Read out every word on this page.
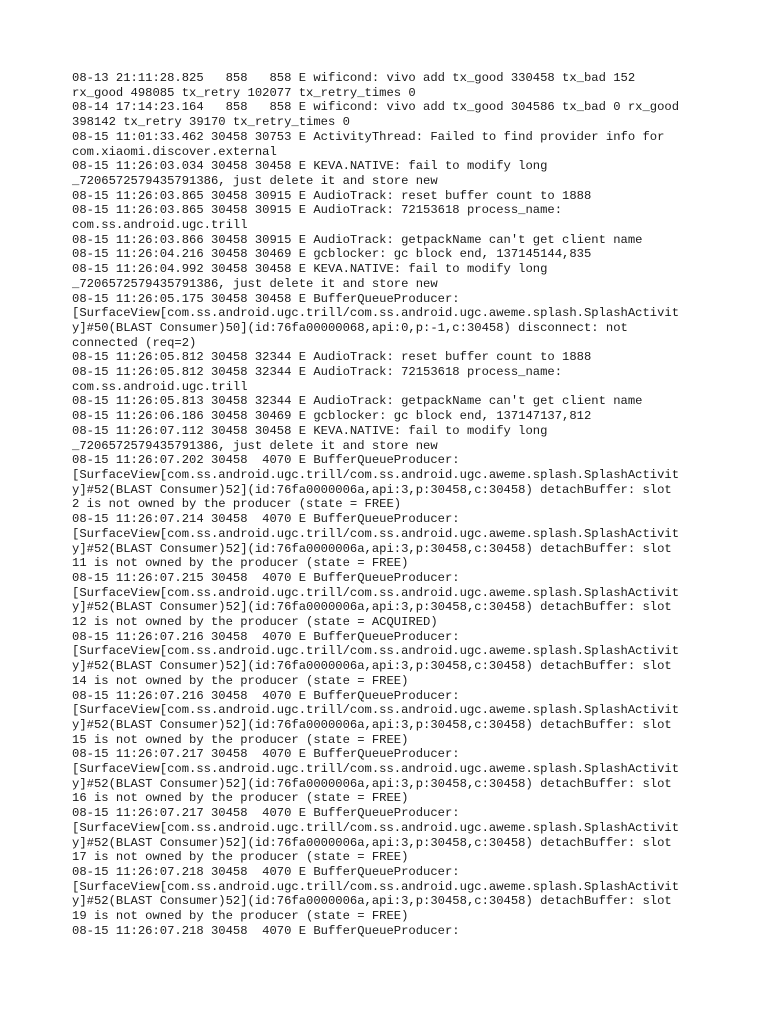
08-13 21:11:28.825   858   858 E wificond: vivo add tx_good 330458 tx_bad 152
rx_good 498085 tx_retry 102077 tx_retry_times 0
08-14 17:14:23.164   858   858 E wificond: vivo add tx_good 304586 tx_bad 0 rx_good
398142 tx_retry 39170 tx_retry_times 0
08-15 11:01:33.462 30458 30753 E ActivityThread: Failed to find provider info for
com.xiaomi.discover.external
08-15 11:26:03.034 30458 30458 E KEVA.NATIVE: fail to modify long
_7206572579435791386, just delete it and store new
08-15 11:26:03.865 30458 30915 E AudioTrack: reset buffer count to 1888
08-15 11:26:03.865 30458 30915 E AudioTrack: 72153618 process_name:
com.ss.android.ugc.trill
08-15 11:26:03.866 30458 30915 E AudioTrack: getpackName can't get client name
08-15 11:26:04.216 30458 30469 E gcblocker: gc block end, 137145144,835
08-15 11:26:04.992 30458 30458 E KEVA.NATIVE: fail to modify long
_7206572579435791386, just delete it and store new
08-15 11:26:05.175 30458 30458 E BufferQueueProducer:
[SurfaceView[com.ss.android.ugc.trill/com.ss.android.ugc.aweme.splash.SplashActivit
y]#50(BLAST Consumer)50](id:76fa00000068,api:0,p:-1,c:30458) disconnect: not
connected (req=2)
08-15 11:26:05.812 30458 32344 E AudioTrack: reset buffer count to 1888
08-15 11:26:05.812 30458 32344 E AudioTrack: 72153618 process_name:
com.ss.android.ugc.trill
08-15 11:26:05.813 30458 32344 E AudioTrack: getpackName can't get client name
08-15 11:26:06.186 30458 30469 E gcblocker: gc block end, 137147137,812
08-15 11:26:07.112 30458 30458 E KEVA.NATIVE: fail to modify long
_7206572579435791386, just delete it and store new
08-15 11:26:07.202 30458  4070 E BufferQueueProducer:
[SurfaceView[com.ss.android.ugc.trill/com.ss.android.ugc.aweme.splash.SplashActivit
y]#52(BLAST Consumer)52](id:76fa0000006a,api:3,p:30458,c:30458) detachBuffer: slot
2 is not owned by the producer (state = FREE)
08-15 11:26:07.214 30458  4070 E BufferQueueProducer:
[SurfaceView[com.ss.android.ugc.trill/com.ss.android.ugc.aweme.splash.SplashActivit
y]#52(BLAST Consumer)52](id:76fa0000006a,api:3,p:30458,c:30458) detachBuffer: slot
11 is not owned by the producer (state = FREE)
08-15 11:26:07.215 30458  4070 E BufferQueueProducer:
[SurfaceView[com.ss.android.ugc.trill/com.ss.android.ugc.aweme.splash.SplashActivit
y]#52(BLAST Consumer)52](id:76fa0000006a,api:3,p:30458,c:30458) detachBuffer: slot
12 is not owned by the producer (state = ACQUIRED)
08-15 11:26:07.216 30458  4070 E BufferQueueProducer:
[SurfaceView[com.ss.android.ugc.trill/com.ss.android.ugc.aweme.splash.SplashActivit
y]#52(BLAST Consumer)52](id:76fa0000006a,api:3,p:30458,c:30458) detachBuffer: slot
14 is not owned by the producer (state = FREE)
08-15 11:26:07.216 30458  4070 E BufferQueueProducer:
[SurfaceView[com.ss.android.ugc.trill/com.ss.android.ugc.aweme.splash.SplashActivit
y]#52(BLAST Consumer)52](id:76fa0000006a,api:3,p:30458,c:30458) detachBuffer: slot
15 is not owned by the producer (state = FREE)
08-15 11:26:07.217 30458  4070 E BufferQueueProducer:
[SurfaceView[com.ss.android.ugc.trill/com.ss.android.ugc.aweme.splash.SplashActivit
y]#52(BLAST Consumer)52](id:76fa0000006a,api:3,p:30458,c:30458) detachBuffer: slot
16 is not owned by the producer (state = FREE)
08-15 11:26:07.217 30458  4070 E BufferQueueProducer:
[SurfaceView[com.ss.android.ugc.trill/com.ss.android.ugc.aweme.splash.SplashActivit
y]#52(BLAST Consumer)52](id:76fa0000006a,api:3,p:30458,c:30458) detachBuffer: slot
17 is not owned by the producer (state = FREE)
08-15 11:26:07.218 30458  4070 E BufferQueueProducer:
[SurfaceView[com.ss.android.ugc.trill/com.ss.android.ugc.aweme.splash.SplashActivit
y]#52(BLAST Consumer)52](id:76fa0000006a,api:3,p:30458,c:30458) detachBuffer: slot
19 is not owned by the producer (state = FREE)
08-15 11:26:07.218 30458  4070 E BufferQueueProducer:
